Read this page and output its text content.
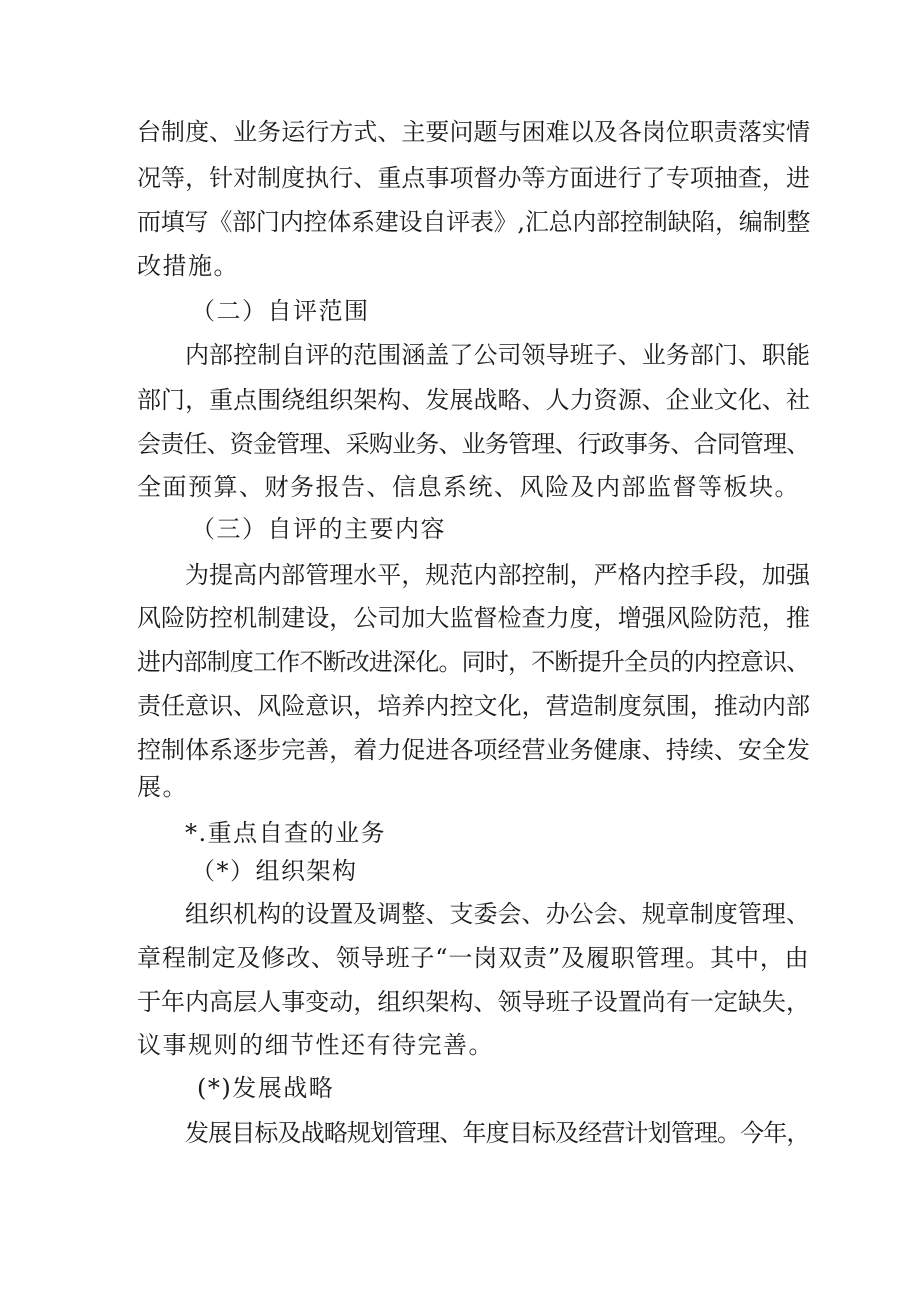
台制度、业务运行方式、主要问题与困难以及各岗位职责落实情
况等，针对制度执行、重点事项督办等方面进行了专项抽查，进
而填写《部门内控体系建设自评表》,汇总内部控制缺陷，编制整
改措施。
（二）自评范围
内部控制自评的范围涵盖了公司领导班子、业务部门、职能
部门，重点围绕组织架构、发展战略、人力资源、企业文化、社
会责任、资金管理、采购业务、业务管理、行政事务、合同管理、
全面预算、财务报告、信息系统、风险及内部监督等板块。
（三）自评的主要内容
为提高内部管理水平，规范内部控制，严格内控手段，加强
风险防控机制建设，公司加大监督检查力度，增强风险防范，推
进内部制度工作不断改进深化。同时，不断提升全员的内控意识、
责任意识、风险意识，培养内控文化，营造制度氛围，推动内部
控制体系逐步完善，着力促进各项经营业务健康、持续、安全发
展。
*.重点自查的业务
（*）组织架构
组织机构的设置及调整、支委会、办公会、规章制度管理、
章程制定及修改、领导班子“一岗双责”及履职管理。其中，由
于年内高层人事变动，组织架构、领导班子设置尚有一定缺失，
议事规则的细节性还有待完善。
(*)发展战略
发展目标及战略规划管理、年度目标及经营计划管理。今年，
